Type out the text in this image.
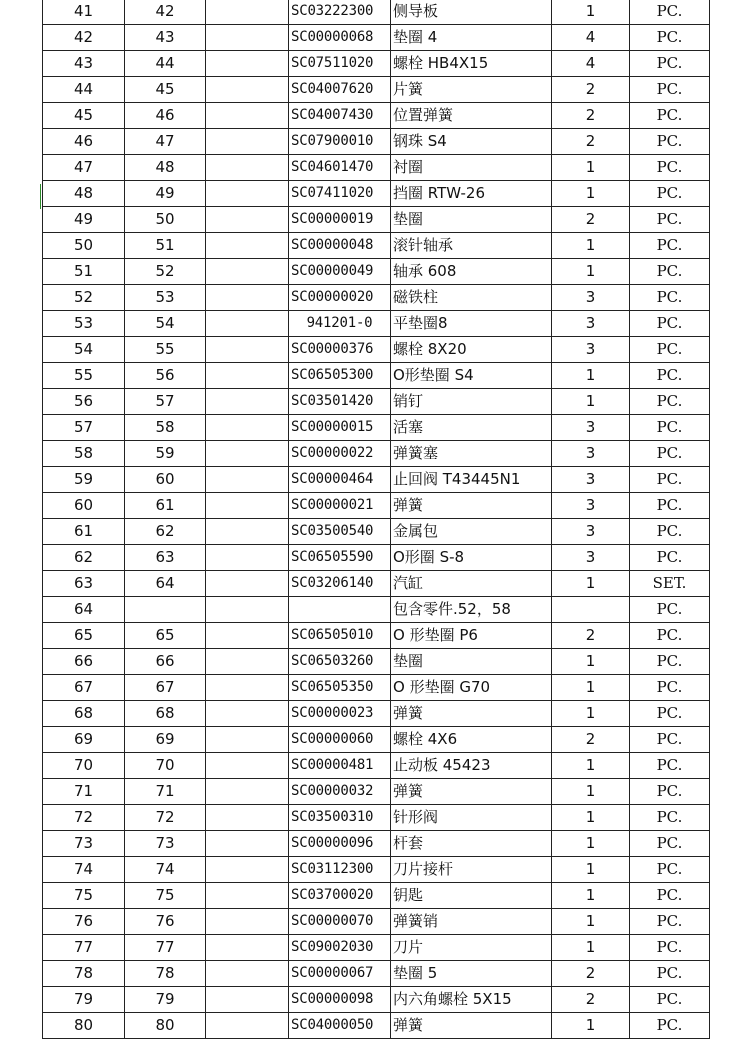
41	42		SC03222300	侧导板	1	PC.
42	43		SC00000068	垫圈 4	4	PC.
43	44		SC07511020	螺栓 HB4X15	4	PC.
44	45		SC04007620	片簧	2	PC.
45	46		SC04007430	位置弹簧	2	PC.
46	47		SC07900010	钢珠 S4	2	PC.
47	48		SC04601470	衬圈	1	PC.
48	49		SC07411020	挡圈 RTW-26	1	PC.
49	50		SC00000019	垫圈	2	PC.
50	51		SC00000048	滚针轴承	1	PC.
51	52		SC00000049	轴承 608	1	PC.
52	53		SC00000020	磁铁柱	3	PC.
53	54		941201-0	平垫圈8	3	PC.
54	55		SC00000376	螺栓 8X20	3	PC.
55	56		SC06505300	O形垫圈 S4	1	PC.
56	57		SC03501420	销钉	1	PC.
57	58		SC00000015	活塞	3	PC.
58	59		SC00000022	弹簧塞	3	PC.
59	60		SC00000464	止回阀 T43445N1	3	PC.
60	61		SC00000021	弹簧	3	PC.
61	62		SC03500540	金属包	3	PC.
62	63		SC06505590	O形圈 S-8	3	PC.
63	64		SC03206140	汽缸	1	SET.
64				包含零件.52，58		PC.
65	65		SC06505010	O 形垫圈 P6	2	PC.
66	66		SC06503260	垫圈	1	PC.
67	67		SC06505350	O 形垫圈 G70	1	PC.
68	68		SC00000023	弹簧	1	PC.
69	69		SC00000060	螺栓 4X6	2	PC.
70	70		SC00000481	止动板 45423	1	PC.
71	71		SC00000032	弹簧	1	PC.
72	72		SC03500310	针形阀	1	PC.
73	73		SC00000096	杆套	1	PC.
74	74		SC03112300	刀片接杆	1	PC.
75	75		SC03700020	钥匙	1	PC.
76	76		SC00000070	弹簧销	1	PC.
77	77		SC09002030	刀片	1	PC.
78	78		SC00000067	垫圈 5	2	PC.
79	79		SC00000098	内六角螺栓 5X15	2	PC.
80	80		SC04000050	弹簧	1	PC.
